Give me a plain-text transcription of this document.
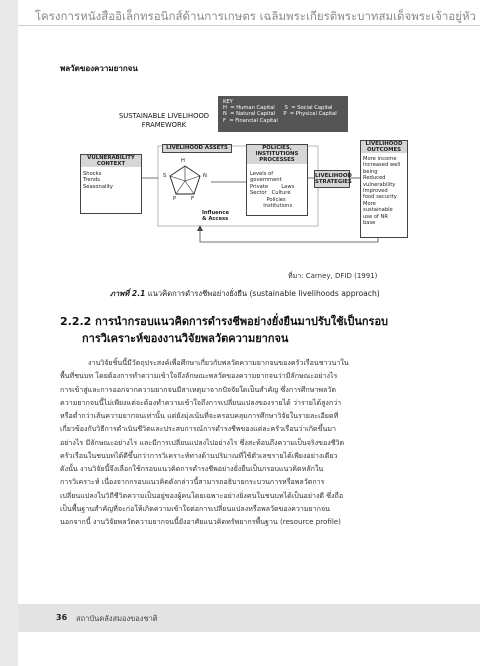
โครงการหนังสืออิเล็กทรอนิกส์ด้านการเกษตร เฉลิมพระเกียรติพระบาทสมเด็จพระเจ้าอยู่หัว
พลวัตของความยากจน
SUSTAINABLE LIVELIHOOD
FRAMEWORK
KEY
H  = Human Capital      S  = Social Capital
N  = Natural Capital     P  = Physical Capital
F  = Financial Capital
VULNERABILITY CONTEXT
Shocks
Trends
Seasonality
LIVELIHOOD ASSETS
H
S	N
P	F
Influence
& Access
POLICIES, INSTITUTIONS PROCESSES
Levels of
government
Private        Laws
Sector   Culture
Policies
Institutions
LIVELIHOOD STRATEGIES
LIVELIHOOD OUTCOMES
More income
Increased well
being
Reduced
vulnerability
Improved
food security
More
sustainable
use of NR
base
ที่มา: Carney, DFID (1991)
ภาพที่ 2.1 แนวคิดการดำรงชีพอย่างยั่งยืน (sustainable livelihoods approach)
2.2.2 การนำกรอบแนวคิดการดำรงชีพอย่างยั่งยืนมาปรับใช้เป็นกรอบ
การวิเคราะห์ของงานวิจัยพลวัตความยากจน
งานวิจัยชิ้นนี้มีวัตถุประสงค์เพื่อศึกษาเกี่ยวกับพลวัตความยากจนของครัวเรือนชาวนาใน
พื้นที่ชนบท โดยต้องการทำความเข้าใจถึงลักษณะพลวัตของความยากจนว่ามีลักษณะอย่างไร
การเข้าสู่และการออกจากความยากจนมีสาเหตุมาจากปัจจัยใดเป็นสำคัญ ซึ่งการศึกษาพลวัต
ความยากจนนี้ไม่เพียงแต่จะต้องทำความเข้าใจถึงการเปลี่ยนแปลงของรายได้ ว่ารายได้สูงกว่า
หรือต่ำกว่าเส้นความยากจนเท่านั้น แต่ยังมุ่งเน้นที่จะครอบคลุมการศึกษาวิจัยในรายละเอียดที่
เกี่ยวข้องกับวิธีการดำเนินชีวิตและประสบการณ์การดำรงชีพของแต่ละครัวเรือนว่าเกิดขึ้นมา
อย่างไร มีลักษณะอย่างไร และมีการเปลี่ยนแปลงไปอย่างไร ซึ่งสะท้อนถึงความเป็นจริงของชีวิต
ครัวเรือนในชนบทได้ดีขึ้นกว่าการวิเคราะห์ทางด้านปริมาณที่ใช้ตัวเลขรายได้เพียงอย่างเดียว
ดังนั้น งานวิจัยนี้จึงเลือกใช้กรอบแนวคิดการดำรงชีพอย่างยั่งยืนเป็นกรอบแนวคิดหลักใน
การวิเคราะห์ เนื่องจากกรอบแนวคิดดังกล่าวนี้สามารถอธิบายกระบวนการหรือพลวัตการ
เปลี่ยนแปลงในวิถีชีวิตความเป็นอยู่ของผู้คนโดยเฉพาะอย่างยิ่งคนในชนบทได้เป็นอย่างดี ซึ่งถือ
เป็นพื้นฐานสำคัญที่จะก่อให้เกิดความเข้าใจต่อการเปลี่ยนแปลงหรือพลวัตของความยากจน
นอกจากนี้ งานวิจัยพลวัตความยากจนนี้ยังอาศัยแนวคิดทรัพยากรพื้นฐาน (resource profile)
36 สถาบันคลังสมองของชาติ
